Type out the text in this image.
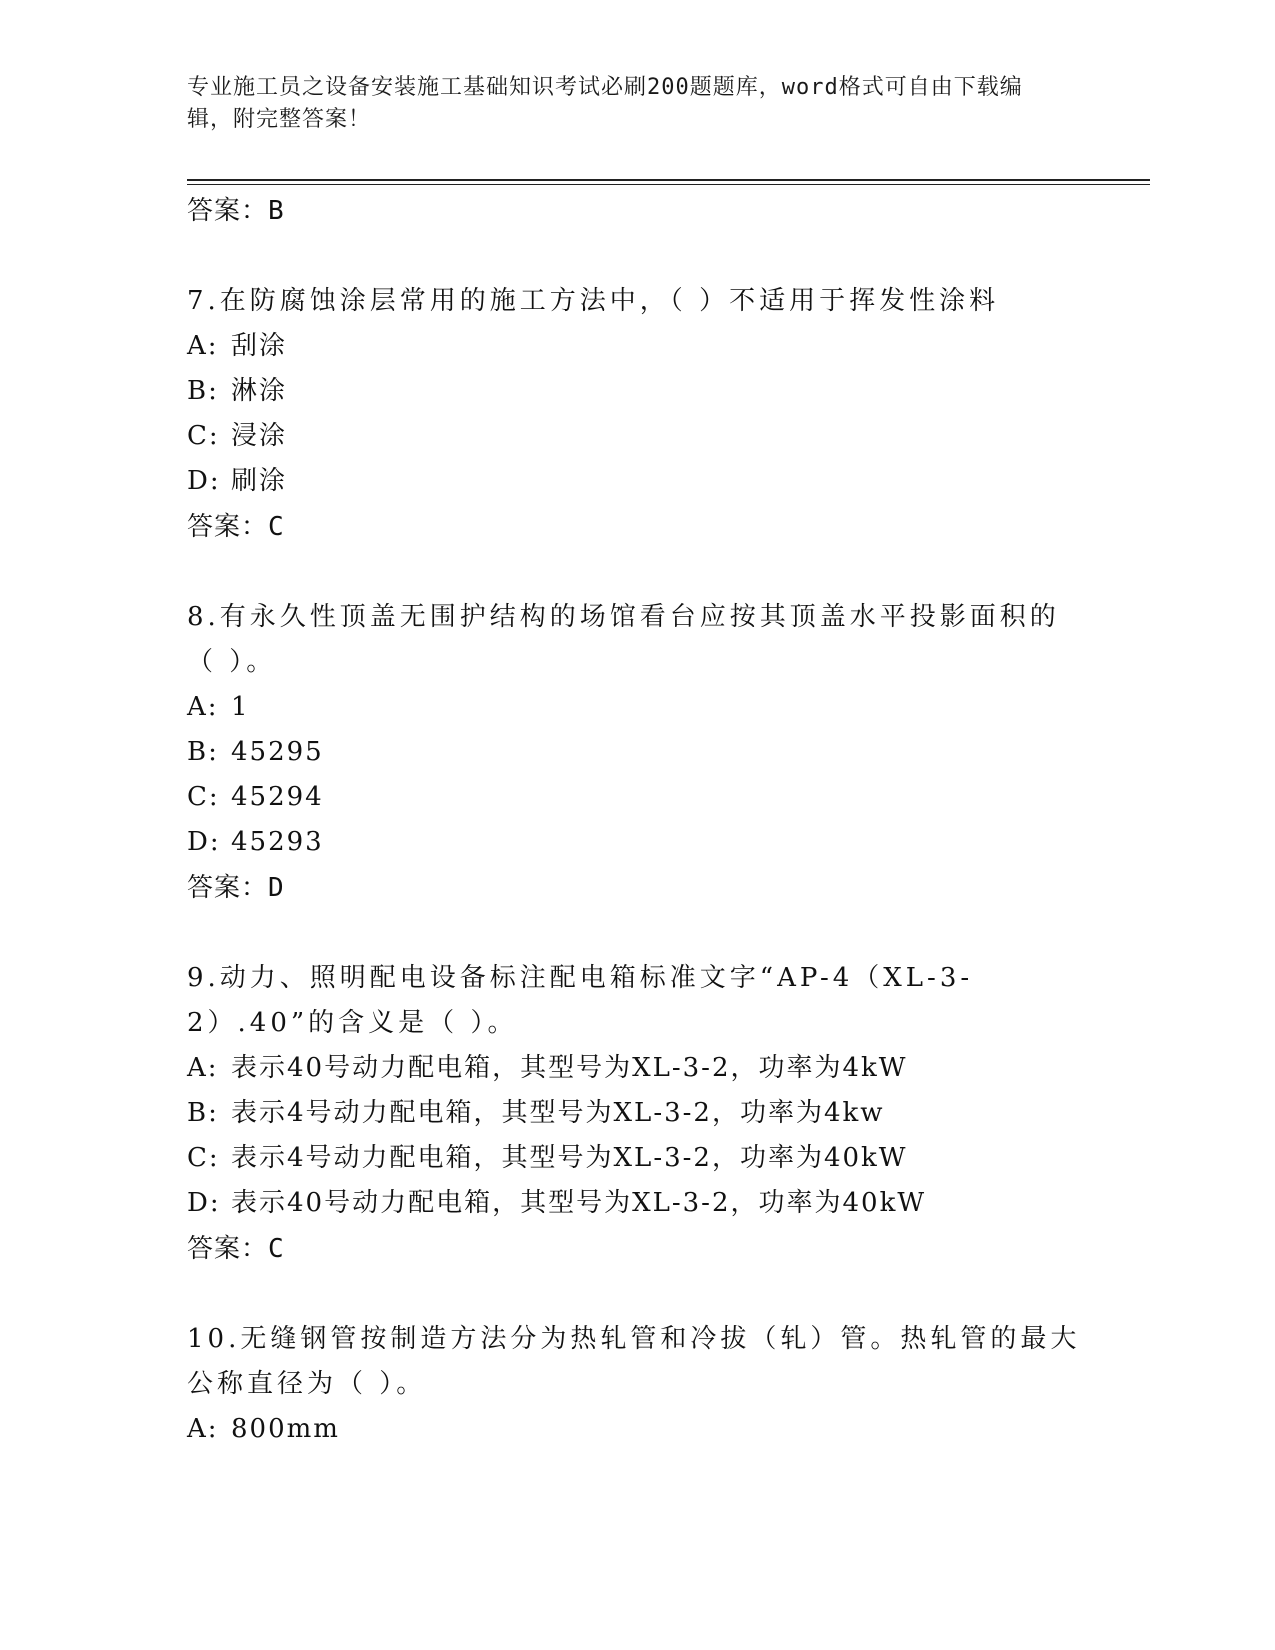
专业施工员之设备安装施工基础知识考试必刷200题题库，word格式可自由下载编辑，附完整答案！
答案：B
7.在防腐蚀涂层常用的施工方法中，（ ）不适用于挥发性涂料
A: 刮涂
B: 淋涂
C: 浸涂
D: 刷涂
答案：C
8.有永久性顶盖无围护结构的场馆看台应按其顶盖水平投影面积的（ ）。
A: 1
B: 45295
C: 45294
D: 45293
答案：D
9.动力、照明配电设备标注配电箱标准文字“AP-4（XL-3-2）.40”的含义是（ ）。
A: 表示40号动力配电箱，其型号为XL-3-2，功率为4kW
B: 表示4号动力配电箱，其型号为XL-3-2，功率为4kw
C: 表示4号动力配电箱，其型号为XL-3-2，功率为40kW
D: 表示40号动力配电箱，其型号为XL-3-2，功率为40kW
答案：C
10.无缝钢管按制造方法分为热轧管和冷拔（轧）管。热轧管的最大公称直径为（ ）。
A: 800mm
